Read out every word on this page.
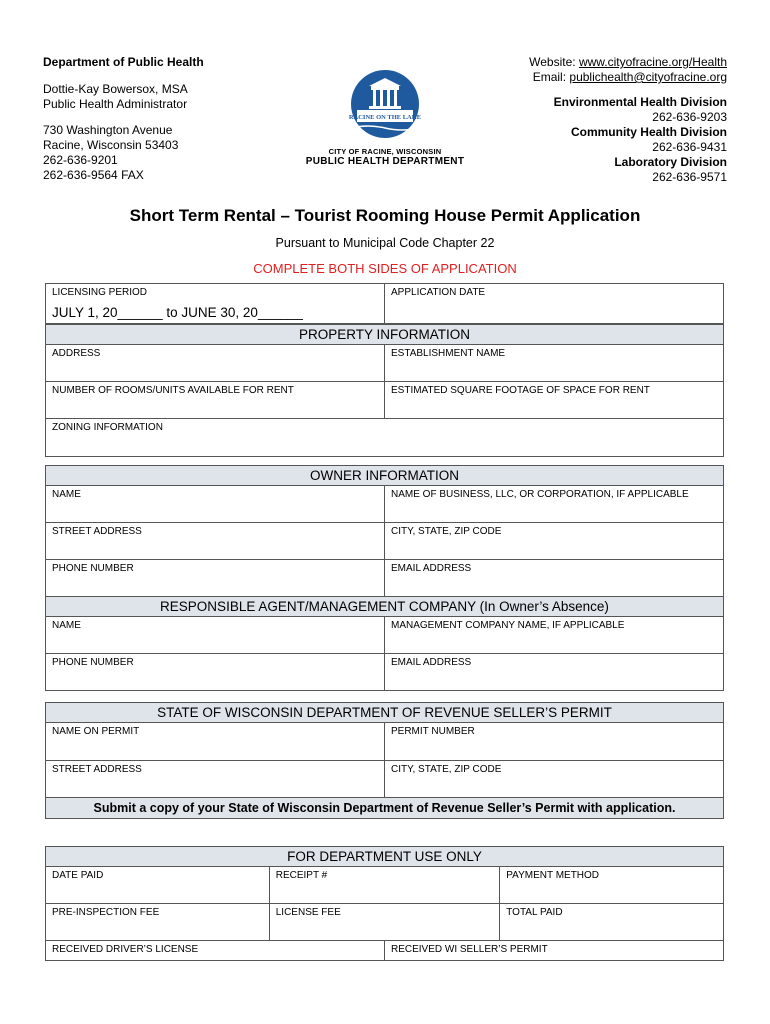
Department of Public Health
Dottie-Kay Bowersox, MSA
Public Health Administrator
730 Washington Avenue
Racine, Wisconsin 53403
262-636-9201
262-636-9564 FAX
RACINE ON THE LAKE
CITY OF RACINE, WISCONSIN
PUBLIC HEALTH DEPARTMENT
Website: www.cityofracine.org/Health
Email: publichealth@cityofracine.org
Environmental Health Division
262-636-9203
Community Health Division
262-636-9431
Laboratory Division
262-636-9571
Short Term Rental – Tourist Rooming House Permit Application
Pursuant to Municipal Code Chapter 22
COMPLETE BOTH SIDES OF APPLICATION
LICENSING PERIOD
JULY 1, 20______ to JUNE 30, 20______
	APPLICATION DATE
PROPERTY INFORMATION	
ADDRESS	ESTABLISHMENT NAME
NUMBER OF ROOMS/UNITS AVAILABLE FOR RENT	ESTIMATED SQUARE FOOTAGE OF SPACE FOR RENT
ZONING INFORMATION	
OWNER INFORMATION	
NAME	NAME OF BUSINESS, LLC, OR CORPORATION, IF APPLICABLE
STREET ADDRESS	CITY, STATE, ZIP CODE
PHONE NUMBER	EMAIL ADDRESS
RESPONSIBLE AGENT/MANAGEMENT COMPANY (In Owner’s Absence)	
NAME	MANAGEMENT COMPANY NAME, IF APPLICABLE
PHONE NUMBER	EMAIL ADDRESS
STATE OF WISCONSIN DEPARTMENT OF REVENUE SELLER’S PERMIT	
NAME ON PERMIT	PERMIT NUMBER
STREET ADDRESS	CITY, STATE, ZIP CODE
Submit a copy of your State of Wisconsin Department of Revenue Seller’s Permit with application.	
FOR DEPARTMENT USE ONLY			
DATE PAID	RECEIPT #		PAYMENT METHOD
PRE-INSPECTION FEE	LICENSE FEE		TOTAL PAID
RECEIVED DRIVER’S LICENSE		RECEIVED WI SELLER’S PERMIT	
